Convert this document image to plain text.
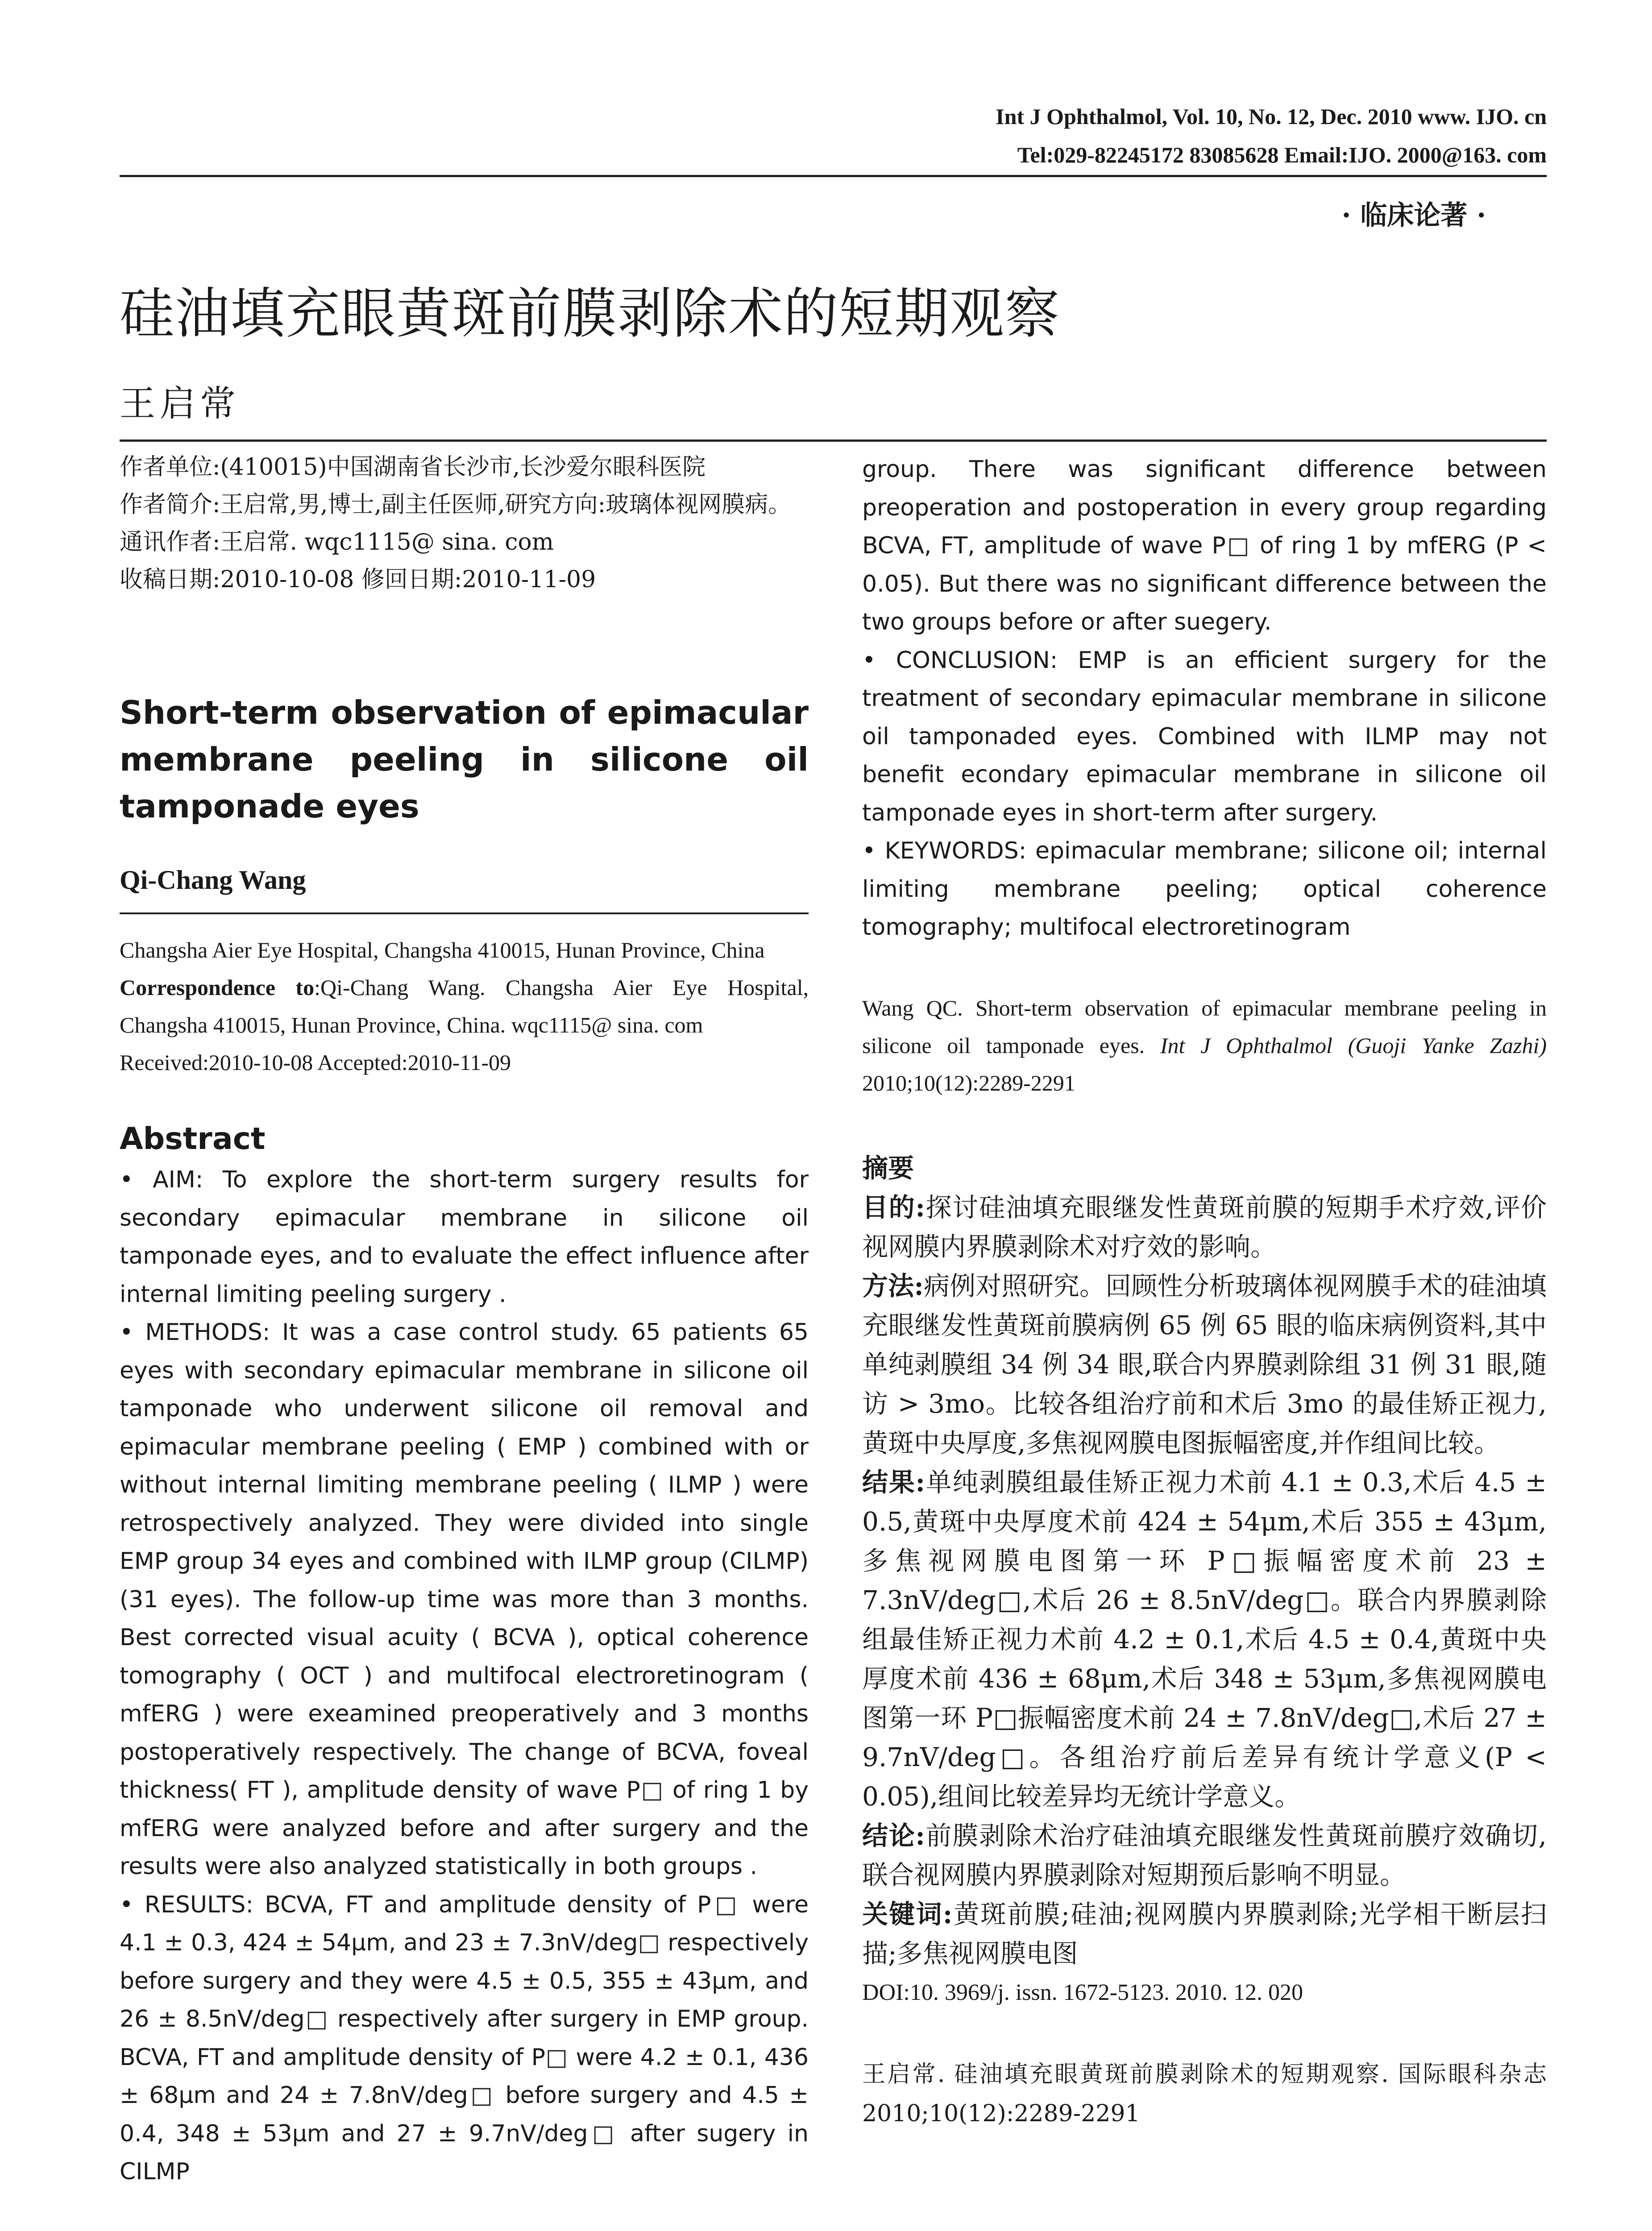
Int J Ophthalmol, Vol. 10, No. 12, Dec. 2010 www. IJO. cn
Tel:029-82245172 83085628 Email:IJO. 2000@163. com
· 临床论著 ·
硅油填充眼黄斑前膜剥除术的短期观察
王启常

作者单位:(410015)中国湖南省长沙市,长沙爱尔眼科医院

作者简介:王启常,男,博士,副主任医师,研究方向:玻璃体视网膜病。

通讯作者:王启常. wqc1115@ sina. com

收稿日期:2010-10-08 修回日期:2010-11-09

Short-term observation of epimacular membrane peeling in silicone oil tamponade eyes
Qi-Chang Wang

Changsha Aier Eye Hospital, Changsha 410015, Hunan Province, China

Correspondence to:Qi-Chang Wang. Changsha Aier Eye Hospital, Changsha 410015, Hunan Province, China. wqc1115@ sina. com

Received:2010-10-08 Accepted:2010-11-09

Abstract

• AIM: To explore the short-term surgery results for secondary epimacular membrane in silicone oil tamponade eyes, and to evaluate the effect influence after internal limiting peeling surgery .

• METHODS: It was a case control study. 65 patients 65 eyes with secondary epimacular membrane in silicone oil tamponade who underwent silicone oil removal and epimacular membrane peeling ( EMP ) combined with or without internal limiting membrane peeling ( ILMP ) were retrospectively analyzed. They were divided into single EMP group 34 eyes and combined with ILMP group (CILMP) (31 eyes). The follow-up time was more than 3 months. Best corrected visual acuity ( BCVA ), optical coherence tomography ( OCT ) and multifocal electroretinogram ( mfERG ) were exeamined preoperatively and 3 months postoperatively respectively. The change of BCVA, foveal thickness( FT ), amplitude density of wave P□ of ring 1 by mfERG were analyzed before and after surgery and the results were also analyzed statistically in both groups .

• RESULTS: BCVA, FT and amplitude density of P□ were 4.1 ± 0.3, 424 ± 54μm, and 23 ± 7.3nV/deg□ respectively before surgery and they were 4.5 ± 0.5, 355 ± 43μm, and 26 ± 8.5nV/deg□ respectively after surgery in EMP group. BCVA, FT and amplitude density of P□ were 4.2 ± 0.1, 436 ± 68μm and 24 ± 7.8nV/deg□ before surgery and 4.5 ± 0.4, 348 ± 53μm and 27 ± 9.7nV/deg□ after sugery in CILMP

group. There was significant difference between preoperation and postoperation in every group regarding BCVA, FT, amplitude of wave P□ of ring 1 by mfERG (P < 0.05). But there was no significant difference between the two groups before or after suegery.

• CONCLUSION: EMP is an efficient surgery for the treatment of secondary epimacular membrane in silicone oil tamponaded eyes. Combined with ILMP may not benefit econdary epimacular membrane in silicone oil tamponade eyes in short-term after surgery.

• KEYWORDS: epimacular membrane; silicone oil; internal limiting membrane peeling; optical coherence tomography; multifocal electroretinogram

Wang QC. Short-term observation of epimacular membrane peeling in silicone oil tamponade eyes. Int J Ophthalmol (Guoji Yanke Zazhi) 2010;10(12):2289-2291

摘要

目的:探讨硅油填充眼继发性黄斑前膜的短期手术疗效,评价视网膜内界膜剥除术对疗效的影响。

方法:病例对照研究。回顾性分析玻璃体视网膜手术的硅油填充眼继发性黄斑前膜病例 65 例 65 眼的临床病例资料,其中单纯剥膜组 34 例 34 眼,联合内界膜剥除组 31 例 31 眼,随访 > 3mo。比较各组治疗前和术后 3mo 的最佳矫正视力,黄斑中央厚度,多焦视网膜电图振幅密度,并作组间比较。

结果:单纯剥膜组最佳矫正视力术前 4.1 ± 0.3,术后 4.5 ± 0.5,黄斑中央厚度术前 424 ± 54μm,术后 355 ± 43μm,多焦视网膜电图第一环 P□振幅密度术前 23 ± 7.3nV/deg□,术后 26 ± 8.5nV/deg□。联合内界膜剥除组最佳矫正视力术前 4.2 ± 0.1,术后 4.5 ± 0.4,黄斑中央厚度术前 436 ± 68μm,术后 348 ± 53μm,多焦视网膜电图第一环 P□振幅密度术前 24 ± 7.8nV/deg□,术后 27 ± 9.7nV/deg□。各组治疗前后差异有统计学意义(P < 0.05),组间比较差异均无统计学意义。

结论:前膜剥除术治疗硅油填充眼继发性黄斑前膜疗效确切,联合视网膜内界膜剥除对短期预后影响不明显。

关键词:黄斑前膜;硅油;视网膜内界膜剥除;光学相干断层扫描;多焦视网膜电图

DOI:10. 3969/j. issn. 1672-5123. 2010. 12. 020

王启常. 硅油填充眼黄斑前膜剥除术的短期观察. 国际眼科杂志 2010;10(12):2289-2291
